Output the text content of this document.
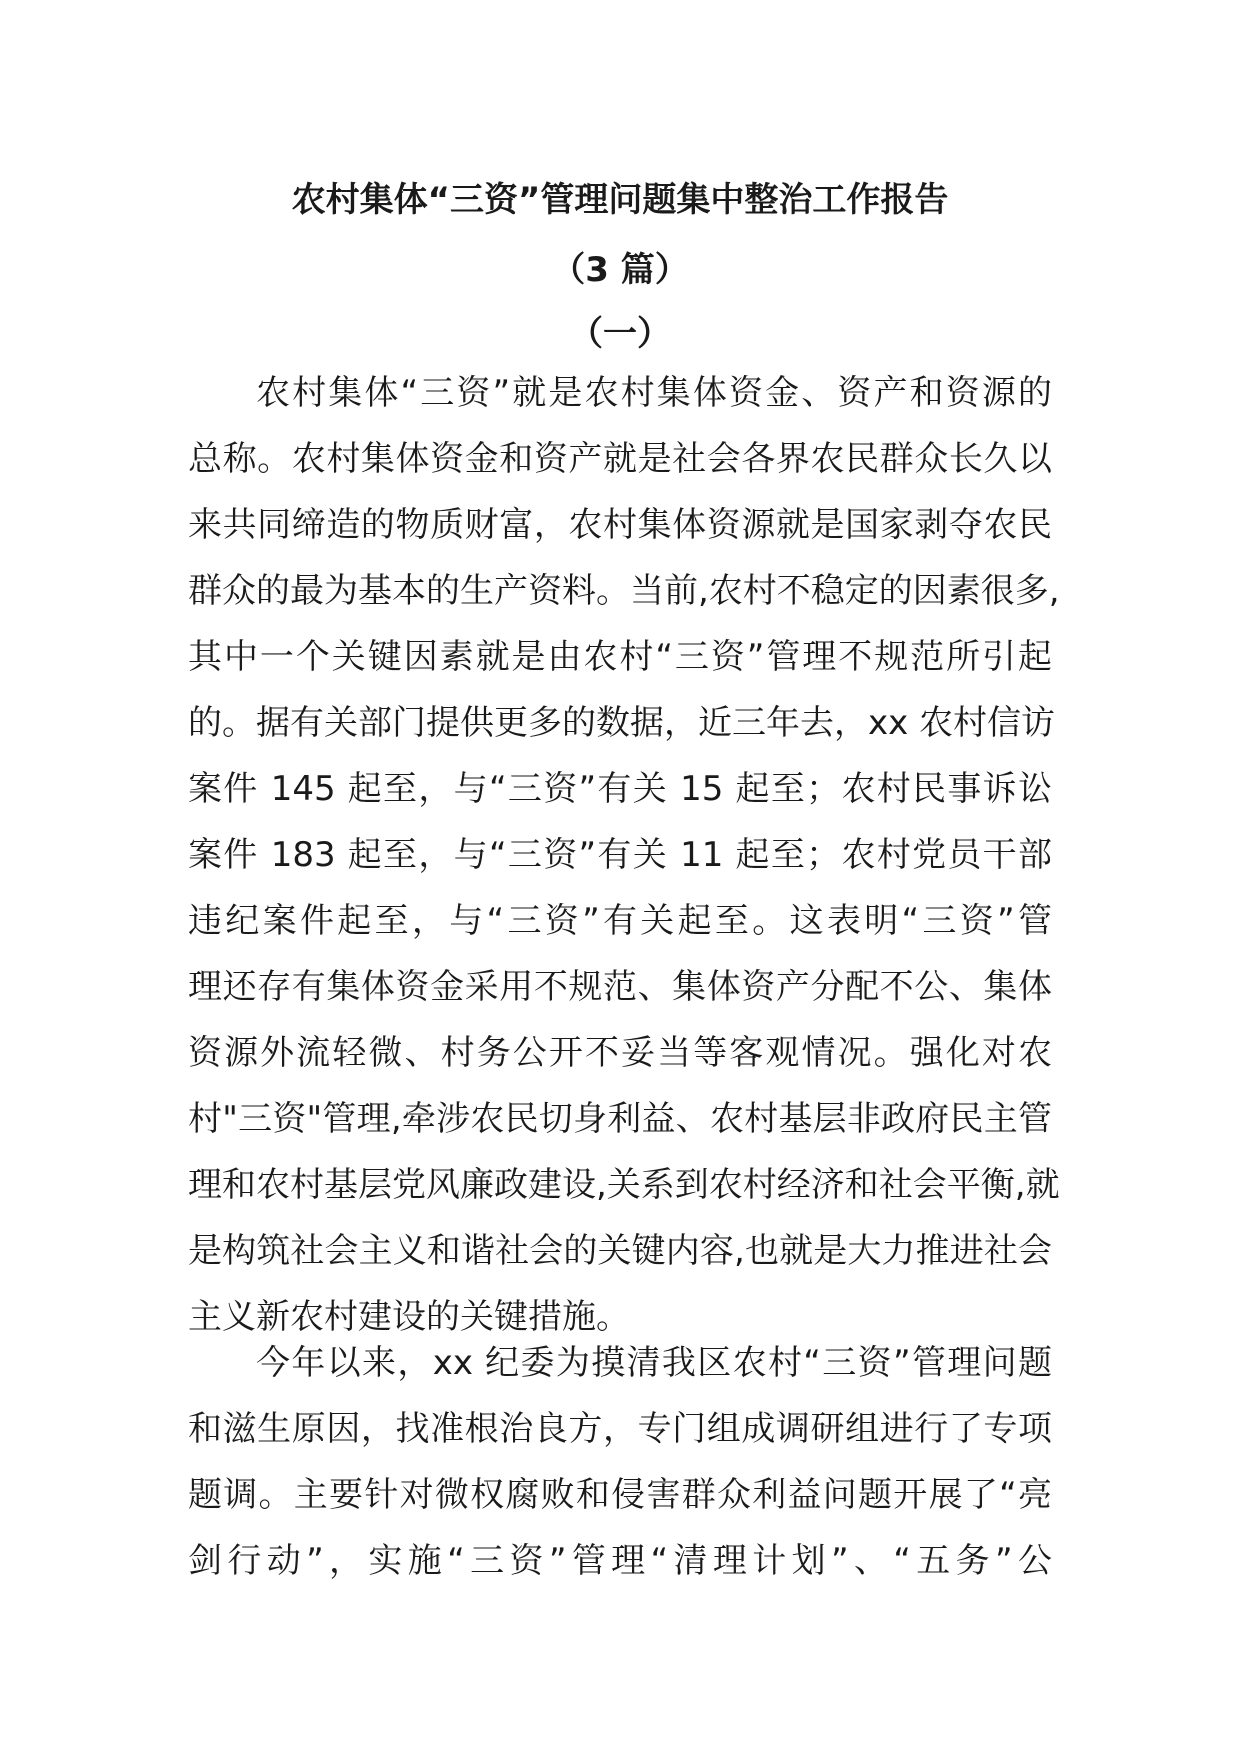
农村集体“三资”管理问题集中整治工作报告
（3 篇）
（一）
农村集体“三资”就是农村集体资金、资产和资源的
总称。农村集体资金和资产就是社会各界农民群众长久以
来共同缔造的物质财富，农村集体资源就是国家剥夺农民
群众的最为基本的生产资料。当前,农村不稳定的因素很多,
其中一个关键因素就是由农村“三资”管理不规范所引起
的。据有关部门提供更多的数据，近三年去，xx 农村信访
案件 145 起至，与“三资”有关 15 起至；农村民事诉讼
案件 183 起至，与“三资”有关 11 起至；农村党员干部
违纪案件起至，与“三资”有关起至。这表明“三资”管
理还存有集体资金采用不规范、集体资产分配不公、集体
资源外流轻微、村务公开不妥当等客观情况。强化对农
村"三资"管理,牵涉农民切身利益、农村基层非政府民主管
理和农村基层党风廉政建设,关系到农村经济和社会平衡,就
是构筑社会主义和谐社会的关键内容,也就是大力推进社会
主义新农村建设的关键措施。
今年以来，xx 纪委为摸清我区农村“三资”管理问题
和滋生原因，找准根治良方，专门组成调研组进行了专项
题调。主要针对微权腐败和侵害群众利益问题开展了“亮
剑行动”，实施“三资”管理“清理计划”、“五务”公
